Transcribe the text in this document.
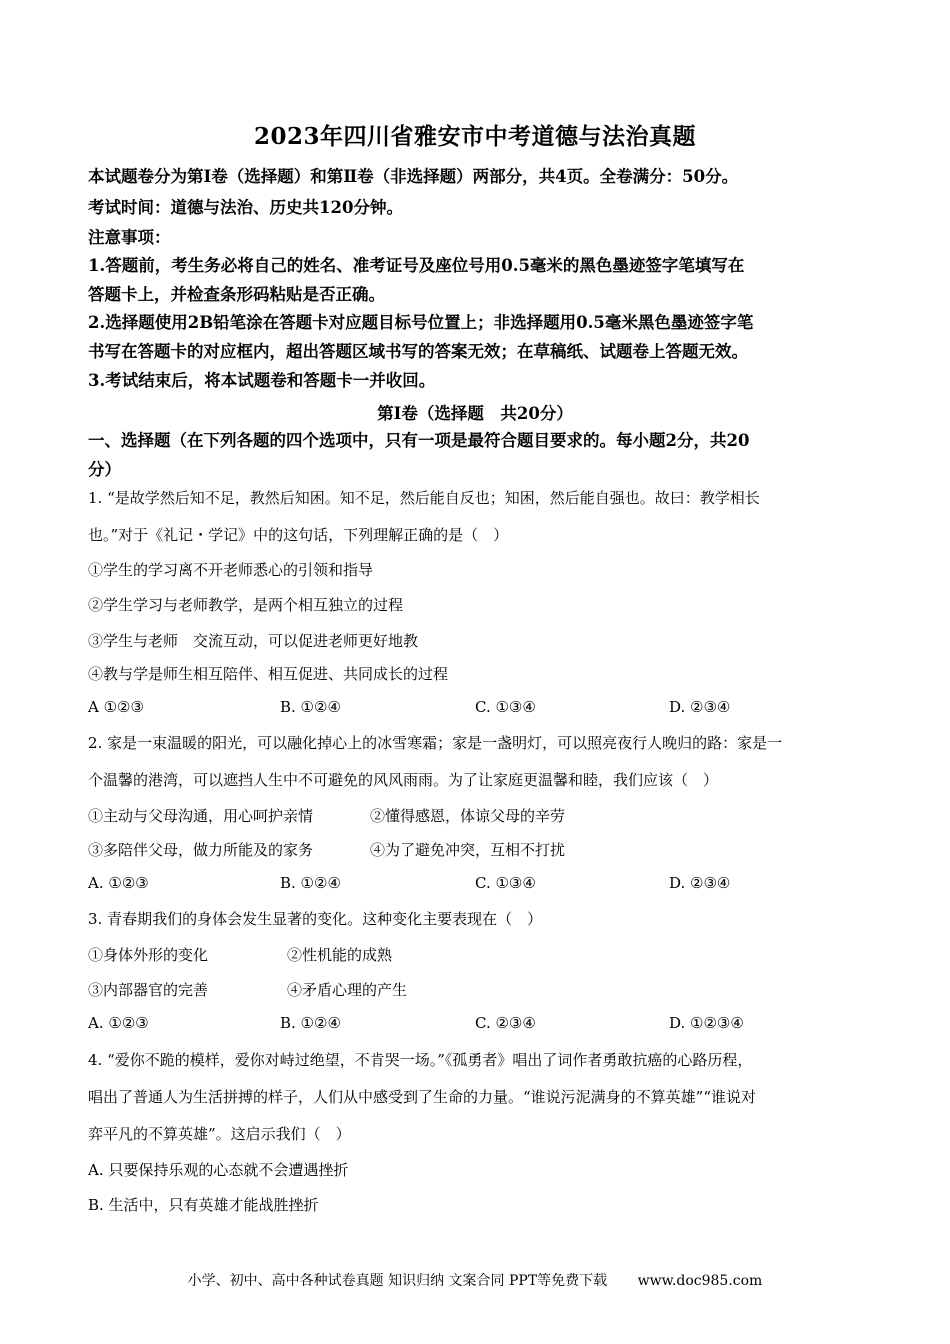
2023年四川省雅安市中考道德与法治真题
本试题卷分为第Ⅰ卷（选择题）和第Ⅱ卷（非选择题）两部分，共4页。全卷满分：50分。
考试时间：道德与法治、历史共120分钟。
注意事项：
1.答题前，考生务必将自己的姓名、准考证号及座位号用0.5毫米的黑色墨迹签字笔填写在
答题卡上，并检查条形码粘贴是否正确。
2.选择题使用2B铅笔涂在答题卡对应题目标号位置上；非选择题用0.5毫米黑色墨迹签字笔
书写在答题卡的对应框内，超出答题区域书写的答案无效；在草稿纸、试题卷上答题无效。
3.考试结束后，将本试题卷和答题卡一并收回。
第Ⅰ卷（选择题　共20分）
一、选择题（在下列各题的四个选项中，只有一项是最符合题目要求的。每小题2分，共20
分）
1. “是故学然后知不足，教然后知困。知不足，然后能自反也；知困，然后能自强也。故曰：教学相长
也。”对于《礼记・学记》中的这句话，下列理解正确的是（　）
①学生的学习离不开老师悉心的引领和指导
②学生学习与老师教学，是两个相互独立的过程
③学生与老师　交流互动，可以促进老师更好地教
④教与学是师生相互陪伴、相互促进、共同成长的过程
A ①②③	B. ①②④	C. ①③④	D. ②③④
2. 家是一束温暖的阳光，可以融化掉心上的冰雪寒霜；家是一盏明灯，可以照亮夜行人晚归的路：家是一
个温馨的港湾，可以遮挡人生中不可避免的风风雨雨。为了让家庭更温馨和睦，我们应该（　）
①主动与父母沟通，用心呵护亲情	②懂得感恩，体谅父母的辛劳
③多陪伴父母，做力所能及的家务	④为了避免冲突，互相不打扰
A. ①②③	B. ①②④	C. ①③④	D. ②③④
3. 青春期我们的身体会发生显著的变化。这种变化主要表现在（　）
①身体外形的变化	②性机能的成熟
③内部器官的完善	④矛盾心理的产生
A. ①②③	B. ①②④	C. ②③④	D. ①②③④
4. “爱你不跪的模样，爱你对峙过绝望，不肯哭一场。”《孤勇者》唱出了词作者勇敢抗癌的心路历程，
唱出了普通人为生活拼搏的样子，人们从中感受到了生命的力量。“谁说污泥满身的不算英雄”“谁说对
弈平凡的不算英雄”。这启示我们（　）
A. 只要保持乐观的心态就不会遭遇挫折
B. 生活中，只有英雄才能战胜挫折
小学、初中、高中各种试卷真题 知识归纳 文案合同 PPT等免费下载 www.doc985.com
